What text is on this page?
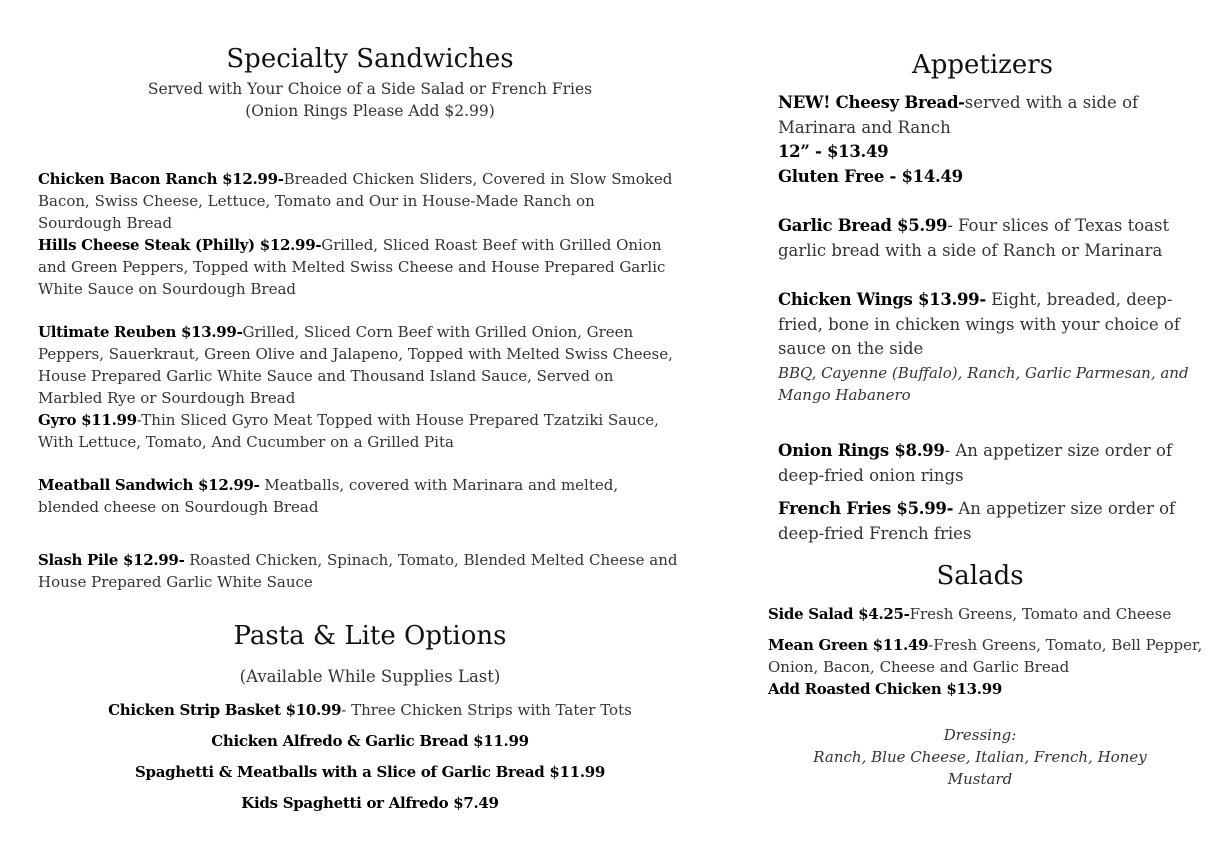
Specialty Sandwiches
Served with Your Choice of a Side Salad or French Fries
(Onion Rings Please Add $2.99)
Chicken Bacon Ranch $12.99-Breaded Chicken Sliders, Covered in Slow Smoked Bacon, Swiss Cheese, Lettuce, Tomato and Our in House-Made Ranch on Sourdough Bread
Hills Cheese Steak (Philly) $12.99-Grilled, Sliced Roast Beef with Grilled Onion and Green Peppers, Topped with Melted Swiss Cheese and House Prepared Garlic White Sauce on Sourdough Bread
Ultimate Reuben $13.99-Grilled, Sliced Corn Beef with Grilled Onion, Green Peppers, Sauerkraut, Green Olive and Jalapeno, Topped with Melted Swiss Cheese, House Prepared Garlic White Sauce and Thousand Island Sauce, Served on Marbled Rye or Sourdough Bread
Gyro $11.99-Thin Sliced Gyro Meat Topped with House Prepared Tzatziki Sauce, With Lettuce, Tomato, And Cucumber on a Grilled Pita
Meatball Sandwich $12.99- Meatballs, covered with Marinara and melted, blended cheese on Sourdough Bread
Slash Pile $12.99- Roasted Chicken, Spinach, Tomato, Blended Melted Cheese and House Prepared Garlic White Sauce
Pasta & Lite Options
(Available While Supplies Last)
Chicken Strip Basket $10.99- Three Chicken Strips with Tater Tots
Chicken Alfredo & Garlic Bread $11.99
Spaghetti & Meatballs with a Slice of Garlic Bread $11.99
Kids Spaghetti or Alfredo $7.49
Appetizers
NEW! Cheesy Bread-served with a side of Marinara and Ranch
12” - $13.49
Gluten Free - $14.49
Garlic Bread $5.99- Four slices of Texas toast garlic bread with a side of Ranch or Marinara
Chicken Wings $13.99- Eight, breaded, deep-fried, bone in chicken wings with your choice of sauce on the side
BBQ, Cayenne (Buffalo), Ranch, Garlic Parmesan, and Mango Habanero
Onion Rings $8.99- An appetizer size order of deep-fried onion rings
French Fries $5.99- An appetizer size order of deep-fried French fries
Salads
Side Salad $4.25-Fresh Greens, Tomato and Cheese
Mean Green $11.49-Fresh Greens, Tomato, Bell Pepper, Onion, Bacon, Cheese and Garlic Bread
Add Roasted Chicken $13.99
Dressing:
Ranch, Blue Cheese, Italian, French, Honey Mustard
